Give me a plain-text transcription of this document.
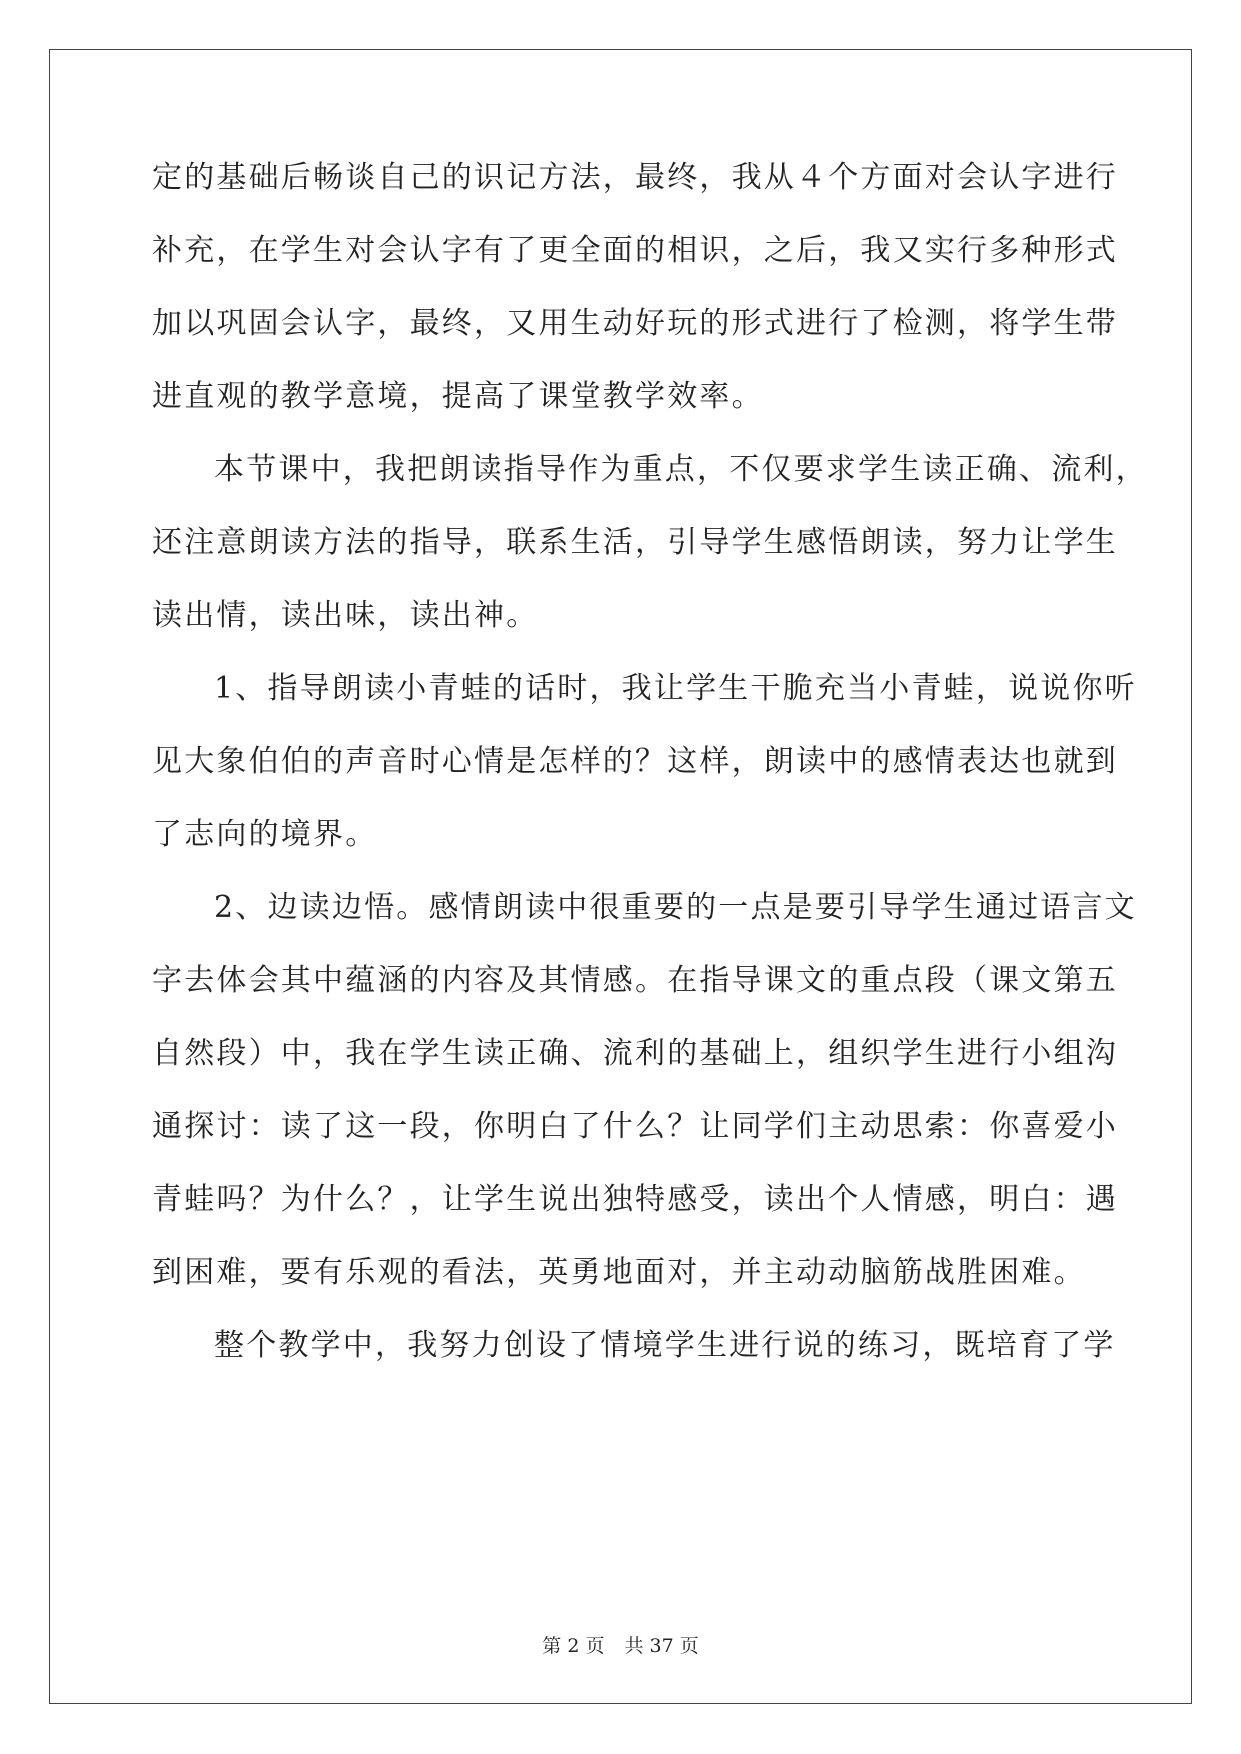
定的基础后畅谈自己的识记方法，最终，我从４个方面对会认字进行
补充，在学生对会认字有了更全面的相识，之后，我又实行多种形式
加以巩固会认字，最终，又用生动好玩的形式进行了检测，将学生带
进直观的教学意境，提高了课堂教学效率。
本节课中，我把朗读指导作为重点，不仅要求学生读正确、流利，
还注意朗读方法的指导，联系生活，引导学生感悟朗读，努力让学生
读出情，读出味，读出神。
1、指导朗读小青蛙的话时，我让学生干脆充当小青蛙，说说你听
见大象伯伯的声音时心情是怎样的？这样，朗读中的感情表达也就到
了志向的境界。
2、边读边悟。感情朗读中很重要的一点是要引导学生通过语言文
字去体会其中蕴涵的内容及其情感。在指导课文的重点段（课文第五
自然段）中，我在学生读正确、流利的基础上，组织学生进行小组沟
通探讨：读了这一段，你明白了什么？让同学们主动思索：你喜爱小
青蛙吗？为什么？，让学生说出独特感受，读出个人情感，明白：遇
到困难，要有乐观的看法，英勇地面对，并主动动脑筋战胜困难。
整个教学中，我努力创设了情境学生进行说的练习，既培育了学
第 2 页 共 37 页
